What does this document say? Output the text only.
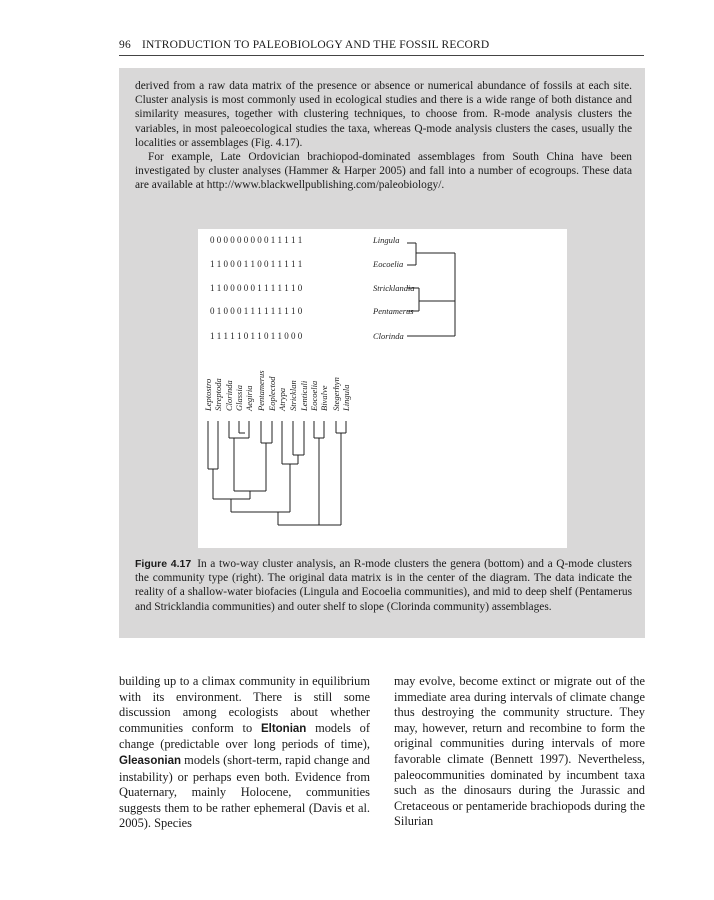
96 INTRODUCTION TO PALEOBIOLOGY AND THE FOSSIL RECORD

derived from a raw data matrix of the presence or absence or numerical abundance of fossils at each site. Cluster analysis is most commonly used in ecological studies and there is a wide range of both distance and similarity measures, together with clustering techniques, to choose from. R-mode analysis clusters the variables, in most paleoecological studies the taxa, whereas Q-mode analysis clusters the cases, usually the localities or assemblages (Fig. 4.17).

For example, Late Ordovician brachiopod-dominated assemblages from South China have been investigated by cluster analyses (Hammer & Harper 2005) and fall into a number of ecogroups. These data are available at http://www.blackwellpublishing.com/paleobiology/.

0 0 0 0 0 0 0 0 0 1 1 1 1 1	Lingula
1 1 0 0 0 1 1 0 0 1 1 1 1 1	Eocoelia
1 1 0 0 0 0 0 1 1 1 1 1 1 0	Stricklandia
0 1 0 0 0 1 1 1 1 1 1 1 1 0	Pentamerus
1 1 1 1 1 0 1 1 0 1 1 0 0 0	Clorinda
Leptostro Streptoda Clorinda Glassia Aegiria Pentamerus Eoplectod Atrypa Stricklan Lenticuli Eocoelia Bivalve Stegerhyn Lingula
Figure 4.17 In a two-way cluster analysis, an R-mode clusters the genera (bottom) and a Q-mode clusters the community type (right). The original data matrix is in the center of the diagram. The data indicate the reality of a shallow-water biofacies (Lingula and Eocoelia communities), and mid to deep shelf (Pentamerus and Stricklandia communities) and outer shelf to slope (Clorinda community) assemblages.
building up to a climax community in equilibrium with its environment. There is still some discussion among ecologists about whether communities conform to Eltonian models of change (predictable over long periods of time), Gleasonian models (short-term, rapid change and instability) or perhaps even both. Evidence from Quaternary, mainly Holocene, communities suggests them to be rather ephemeral (Davis et al. 2005). Species
may evolve, become extinct or migrate out of the immediate area during intervals of climate change thus destroying the community structure. They may, however, return and recombine to form the original communities during intervals of more favorable climate (Bennett 1997). Nevertheless, paleocommunities dominated by incumbent taxa such as the dinosaurs during the Jurassic and Cretaceous or pentameride brachiopods during the Silurian
